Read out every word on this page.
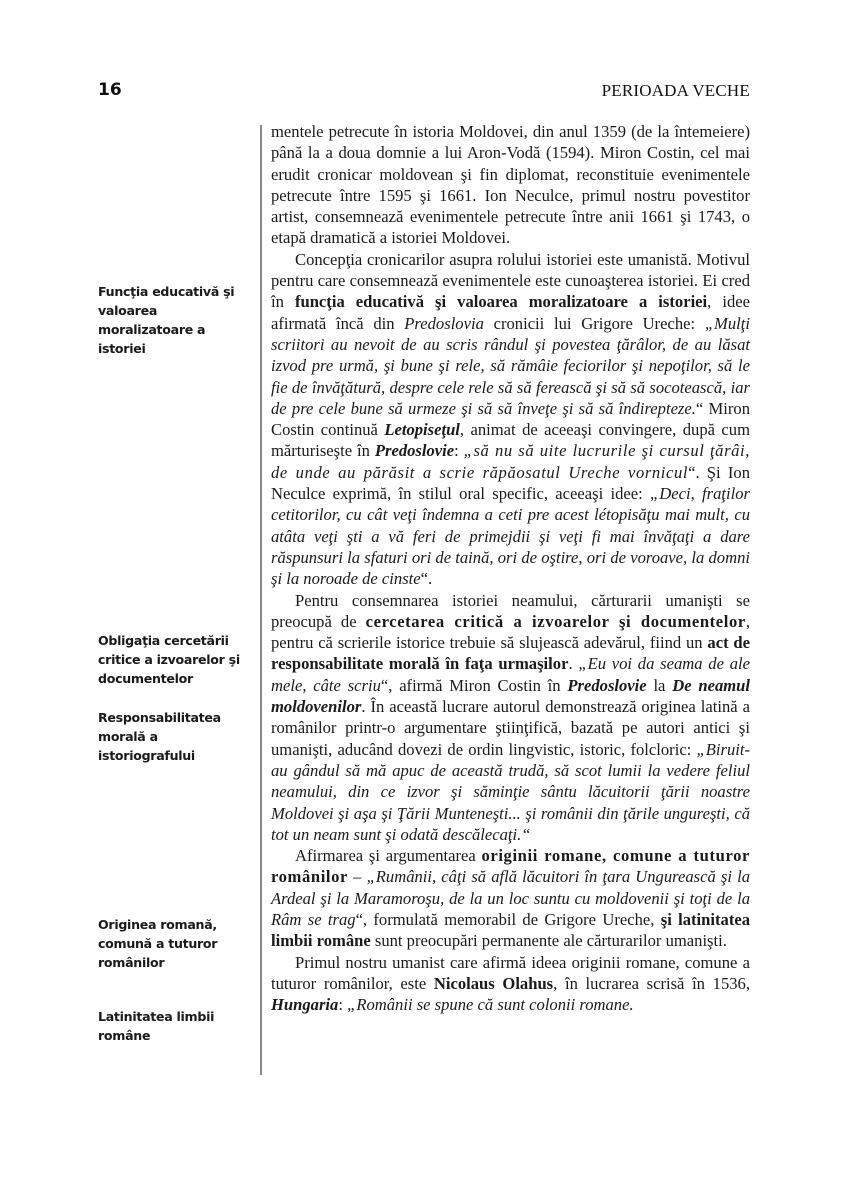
16	PERIOADA VECHE
Funcţia educativă şi valoarea moralizatoare a istoriei
Obligaţia cercetării critice a izvoarelor şi documentelor
Responsabilitatea morală a istoriografului
Originea romană, comună a tuturor românilor
Latinitatea limbii române

mentele petrecute în istoria Moldovei, din anul 1359 (de la întemeiere) până la a doua domnie a lui Aron-Vodă (1594). Miron Costin, cel mai erudit cronicar moldovean şi fin diplomat, reconstituie evenimentele petrecute între 1595 şi 1661. Ion Neculce, primul nostru povestitor artist, consemnează evenimentele petrecute între anii 1661 şi 1743, o etapă dramatică a istoriei Moldovei.

Concepţia cronicarilor asupra rolului istoriei este umanistă. Motivul pentru care consemnează evenimentele este cunoaşterea istoriei. Ei cred în funcţia educativă şi valoarea moralizatoare a istoriei, idee afirmată încă din Predoslovia cronicii lui Grigore Ureche: „Mulţi scriitori au nevoit de au scris rândul şi povestea ţărâlor, de au lăsat izvod pre urmă, şi bune şi rele, să rămâie feciorilor şi nepoţilor, să le fie de învăţătură, despre cele rele să să ferească şi să să socotească, iar de pre cele bune să urmeze şi să să înveţe şi să să îndirepteze.“ Miron Costin continuă Letopiseţul, animat de aceeaşi convingere, după cum mărturiseşte în Predoslovie: „să nu să uite lucrurile şi cursul ţărâi, de unde au părăsit a scrie răpăosatul Ureche vornicul“. Şi Ion Neculce exprimă, în stilul oral specific, aceeaşi idee: „Deci, fraţilor cetitorilor, cu cât veţi îndemna a ceti pre acest létopisăţu mai mult, cu atâta veţi şti a vă feri de primejdii şi veţi fi mai învăţaţi a dare răspunsuri la sfaturi ori de taină, ori de oştire, ori de voroave, la domni şi la noroade de cinste“.

Pentru consemnarea istoriei neamului, cărturarii umanişti se preocupă de cercetarea critică a izvoarelor şi documentelor, pentru că scrierile istorice trebuie să slujească adevărul, fiind un act de responsabilitate morală în faţa urmaşilor. „Eu voi da seama de ale mele, câte scriu“, afirmă Miron Costin în Predoslovie la De neamul moldovenilor. În această lucrare autorul demonstrează originea latină a românilor printr-o argumentare ştiinţifică, bazată pe autori antici şi umanişti, aducând dovezi de ordin lingvistic, istoric, folcloric: „Biruit-au gândul să mă apuc de această trudă, să scot lumii la vedere feliul neamului, din ce izvor şi săminţie sântu lăcuitorii ţării noastre Moldovei şi aşa şi Ţării Munteneşti... şi românii din ţările ungureşti, că tot un neam sunt şi odată descălecaţi.“

Afirmarea şi argumentarea originii romane, comune a tuturor românilor – „Rumânii, câţi să află lăcuitori în ţara Ungurească şi la Ardeal şi la Maramoroşu, de la un loc suntu cu moldovenii şi toţi de la Râm se trag“, formulată memorabil de Grigore Ureche, şi latinitatea limbii române sunt preocupări permanente ale cărturarilor umanişti.

Primul nostru umanist care afirmă ideea originii romane, comune a tuturor românilor, este Nicolaus Olahus, în lucrarea scrisă în 1536, Hungaria: „Românii se spune că sunt colonii romane.
